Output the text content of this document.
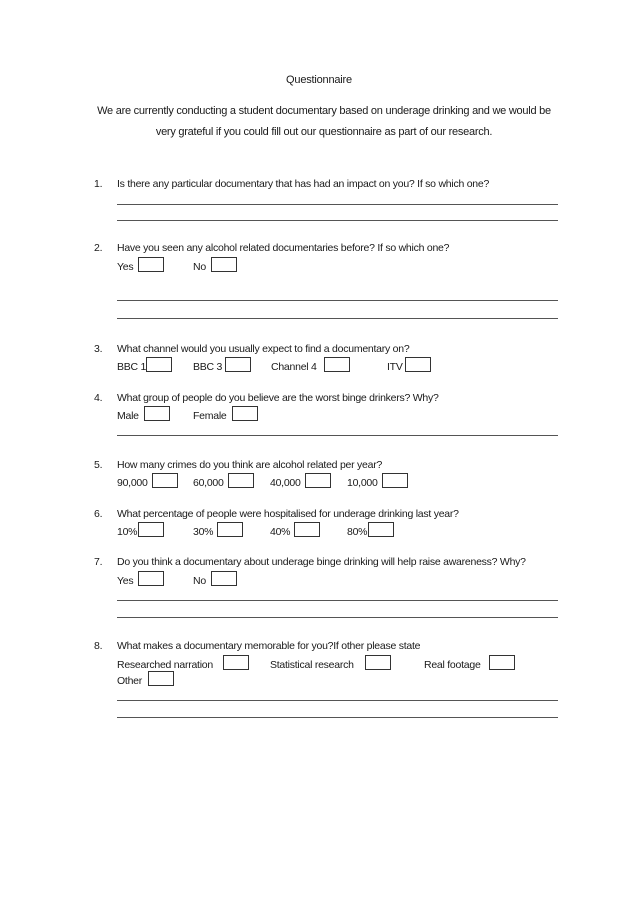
Questionnaire
We are currently conducting a student documentary based on underage drinking and we would be very grateful if you could fill out our questionnaire as part of our research.
1. Is there any particular documentary that has had an impact on you? If so which one?
2. Have you seen any alcohol related documentaries before? If so which one?
Yes	No
3. What channel would you usually expect to find a documentary on?
BBC 1	BBC 3	Channel 4	ITV
4. What group of people do you believe are the worst binge drinkers? Why?
Male	Female
5. How many crimes do you think are alcohol related per year?
90,000	60,000	40,000	10,000
6. What percentage of people were hospitalised for underage drinking last year?
10%	30%	40%	80%
7. Do you think a documentary about underage binge drinking will help raise awareness? Why?
Yes	No
8. What makes a documentary memorable for you?If other please state
Researched narration	Statistical research	Real footage
Other
